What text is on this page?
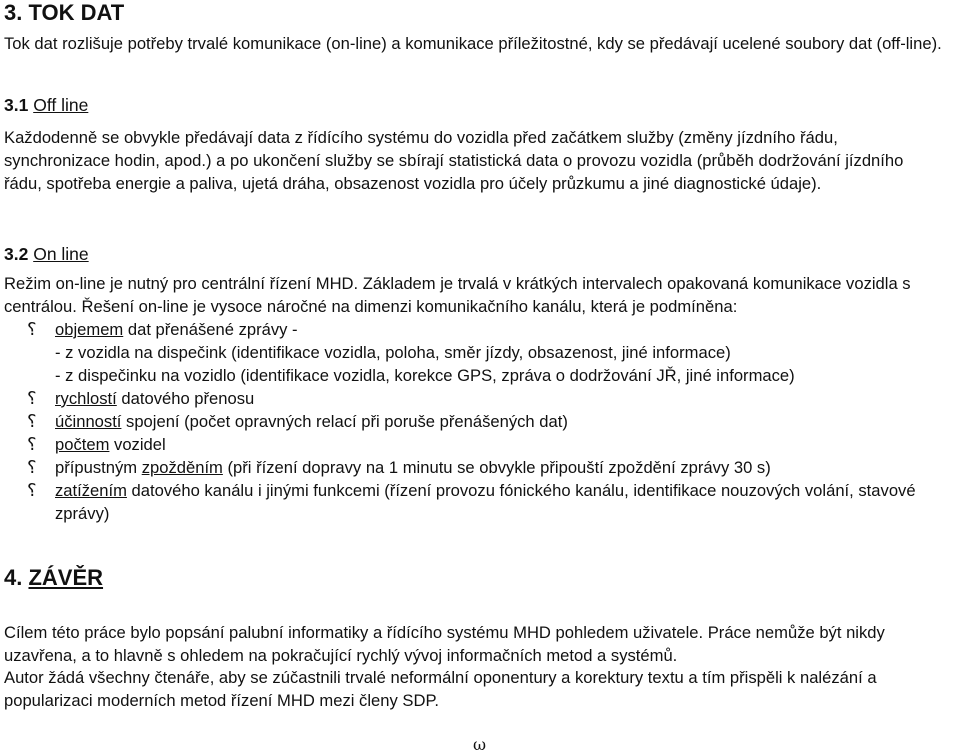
3. TOK DAT

Tok dat rozlišuje potřeby trvalé komunikace (on-line) a komunikace příležitostné, kdy se předávají ucelené soubory dat (off-line).

3.1 Off line

Každodenně se obvykle předávají data z řídícího systému do vozidla před začátkem služby (změny jízdního řádu, synchronizace hodin, apod.) a po ukončení služby se sbírají statistická data o provozu vozidla (průběh dodržování jízdního řádu, spotřeba energie a paliva, ujetá dráha, obsazenost vozidla pro účely průzkumu a jiné diagnostické údaje).

3.2 On line

Režim on-line je nutný pro centrální řízení MHD. Základem je trvalá v krátkých intervalech opakovaná komunikace vozidla s centrálou. Řešení on-line je vysoce náročné na dimenzi komunikačního kanálu, která je podmíněna:

⸮ objemem dat přenášené zprávy -
- z vozidla na dispečink (identifikace vozidla, poloha, směr jízdy, obsazenost, jiné informace)
- z dispečinku na vozidlo (identifikace vozidla, korekce GPS, zpráva o dodržování JŘ, jiné informace)
⸮ rychlostí datového přenosu
⸮ účinností spojení (počet opravných relací při poruše přenášených dat)
⸮ počtem vozidel
⸮ přípustným zpožděním (při řízení dopravy na 1 minutu se obvykle připouští zpoždění zprávy 30 s)
⸮ zatížením datového kanálu i jinými funkcemi (řízení provozu fónického kanálu, identifikace nouzových volání, stavové zprávy)
4. ZÁVĚR

Cílem této práce bylo popsání palubní informatiky a řídícího systému MHD pohledem uživatele. Práce nemůže být nikdy uzavřena, a to hlavně s ohledem na pokračující rychlý vývoj informačních metod a systémů.

Autor žádá všechny čtenáře, aby se zúčastnili trvalé neformální oponentury a korektury textu a tím přispěli k nalézání a popularizaci moderních metod řízení MHD mezi členy SDP.

ω
